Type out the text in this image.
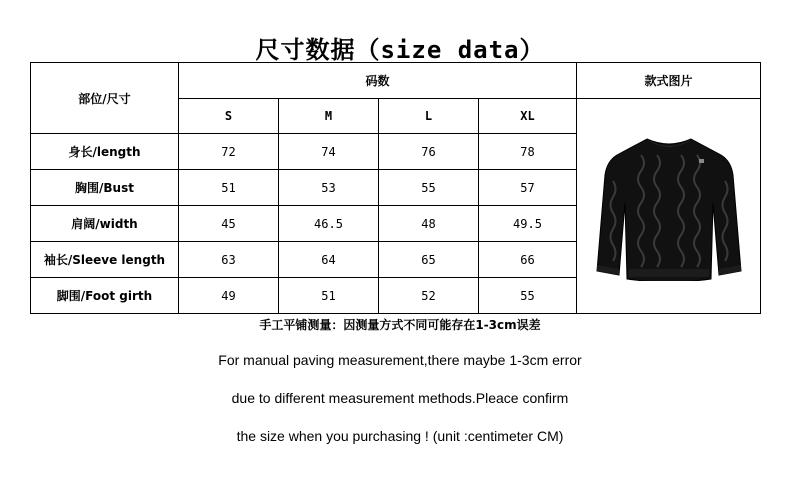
尺寸数据（size data）
部位/尺寸	码数				款式图片
	S	M	L	XL	

身长/length	72	74	76	78	
胸围/Bust	51	53	55	57	
肩阔/width	45	46.5	48	49.5	
袖长/Sleeve length	63	64	65	66	
脚围/Foot girth	49	51	52	55	
手工平铺测量：因测量方式不同可能存在1-3cm误差
For manual paving measurement,there maybe 1-3cm error
due to different measurement methods.Pleace confirm
the size when you purchasing ! (unit :centimeter CM)
